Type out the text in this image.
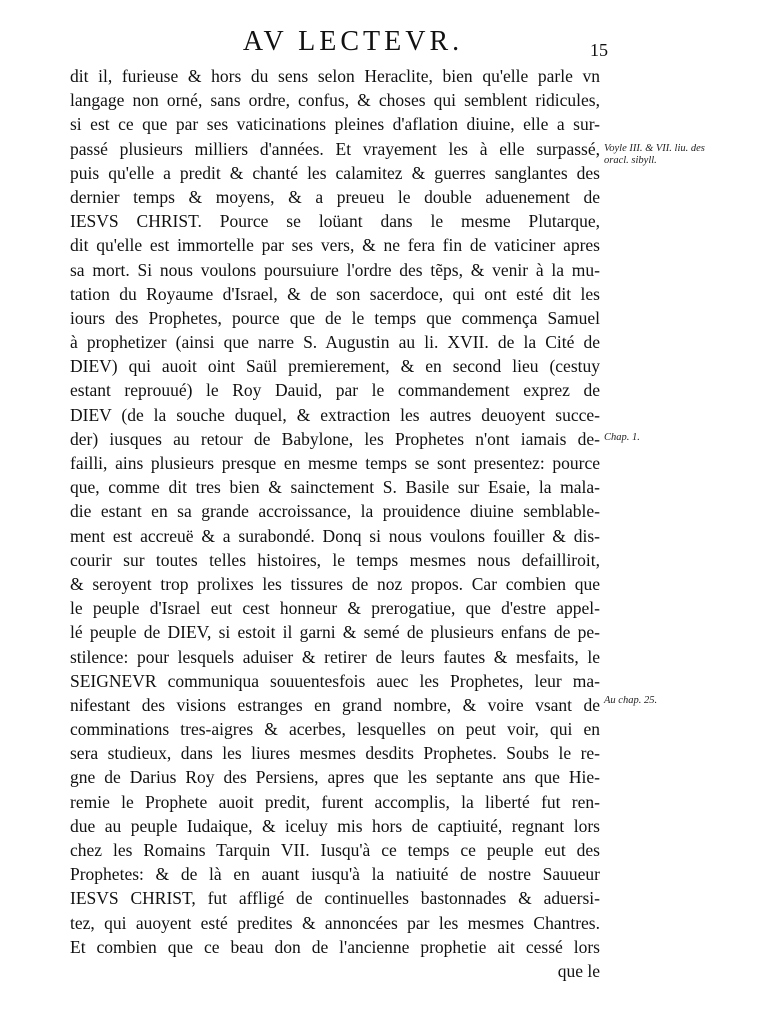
AV LECTEVR.	15
dit il, furieuse & hors du sens selon Heraclite, bien qu'elle parle vn
langage non orné, sans ordre, confus, & choses qui semblent ridicules,
si est ce que par ses vaticinations pleines d'aflation diuine, elle a sur-
passé plusieurs milliers d'années. Et vrayement les à elle surpassé,
puis qu'elle a predit & chanté les calamitez & guerres sanglantes des
dernier temps & moyens, & a preueu le double aduenement de
IESVS CHRIST. Pource se loüant dans le mesme Plutarque,
dit qu'elle est immortelle par ses vers, & ne fera fin de vaticiner apres
sa mort. Si nous voulons poursuiure l'ordre des tẽps, & venir à la mu-
tation du Royaume d'Israel, & de son sacerdoce, qui ont esté dit les
iours des Prophetes, pource que de le temps que commença Samuel
à prophetizer (ainsi que narre S. Augustin au li. XVII. de la Cité de
DIEV) qui auoit oint Saül premierement, & en second lieu (cestuy
estant reprouué) le Roy Dauid, par le commandement exprez de
DIEV (de la souche duquel, & extraction les autres deuoyent succe-
der) iusques au retour de Babylone, les Prophetes n'ont iamais de-
failli, ains plusieurs presque en mesme temps se sont presentez: pource
que, comme dit tres bien & sainctement S. Basile sur Esaie, la mala-
die estant en sa grande accroissance, la prouidence diuine semblable-
ment est accreuë & a surabondé. Donq si nous voulons fouiller & dis-
courir sur toutes telles histoires, le temps mesmes nous defailliroit,
& seroyent trop prolixes les tissures de noz propos. Car combien que
le peuple d'Israel eut cest honneur & prerogatiue, que d'estre appel-
lé peuple de DIEV, si estoit il garni & semé de plusieurs enfans de pe-
stilence: pour lesquels aduiser & retirer de leurs fautes & mesfaits, le
SEIGNEVR communiqua souuentesfois auec les Prophetes, leur ma-
nifestant des visions estranges en grand nombre, & voire vsant de
comminations tres-aigres & acerbes, lesquelles on peut voir, qui en
sera studieux, dans les liures mesmes desdits Prophetes. Soubs le re-
gne de Darius Roy des Persiens, apres que les septante ans que Hie-
remie le Prophete auoit predit, furent accomplis, la liberté fut ren-
due au peuple Iudaique, & iceluy mis hors de captiuité, regnant lors
chez les Romains Tarquin VII. Iusqu'à ce temps ce peuple eut des
Prophetes: & de là en auant iusqu'à la natiuité de nostre Sauueur
IESVS CHRIST, fut affligé de continuelles bastonnades & aduersi-
tez, qui auoyent esté predites & annoncées par les mesmes Chantres.
Et combien que ce beau don de l'ancienne prophetie ait cessé lors
que le
Voyle III. & VII. liu. des oracl. sibyll.
Chap. 1.
Au chap. 25.
